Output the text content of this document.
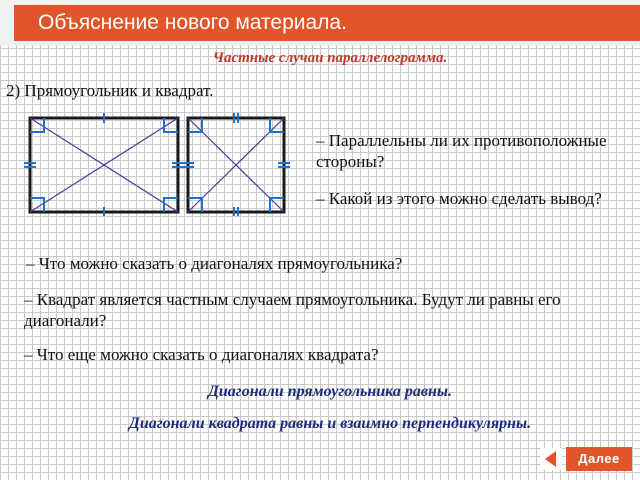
Объяснение нового материала.
Частные случаи параллелограмма.
2) Прямоугольник и квадрат.
– Параллельны ли их противоположные стороны?
– Какой из этого можно сделать вывод?
– Что можно сказать о диагоналях прямоугольника?
– Квадрат является частным случаем прямоугольника. Будут ли равны его диагонали?
– Что еще можно сказать о диагоналях квадрата?
Диагонали прямоугольника равны.
Диагонали квадрата равны и взаимно перпендикулярны.
Далее
